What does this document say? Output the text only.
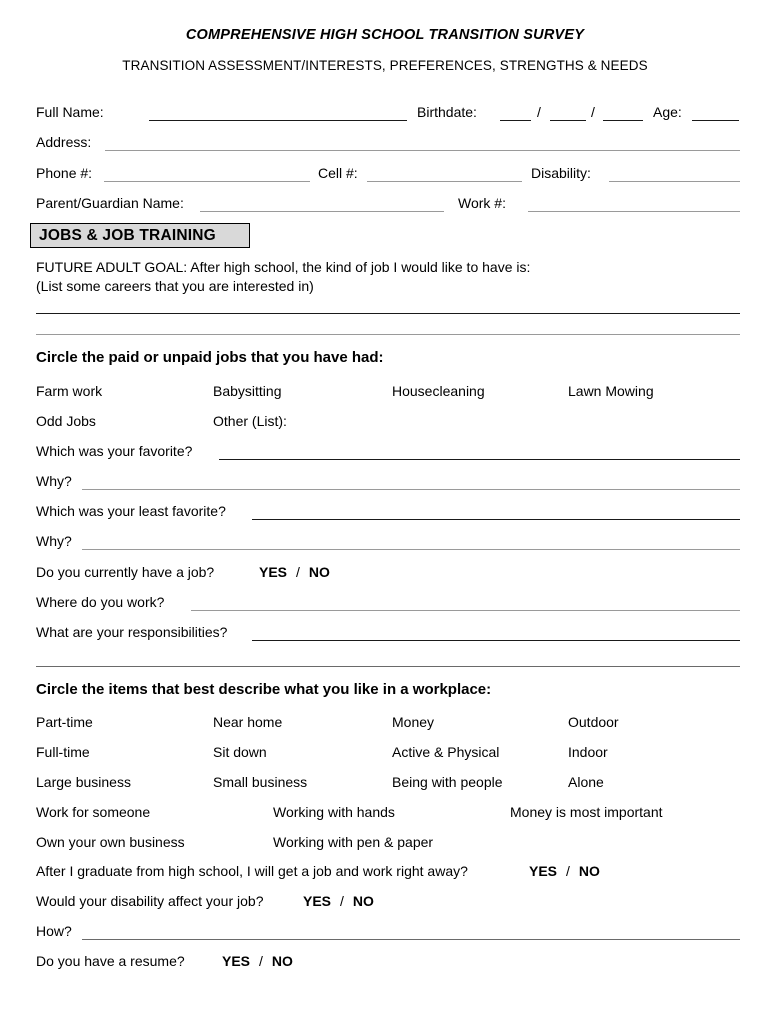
COMPREHENSIVE HIGH SCHOOL TRANSITION SURVEY
TRANSITION ASSESSMENT/INTERESTS, PREFERENCES, STRENGTHS & NEEDS
Full Name:	Birthdate:	/	/	Age:
Address:
Phone #:	Cell #:	Disability:
Parent/Guardian Name:	Work #:
JOBS & JOB TRAINING
FUTURE ADULT GOAL: After high school, the kind of job I would like to have is:
(List some careers that you are interested in)
Circle the paid or unpaid jobs that you have had:
Farm work	Babysitting	Housecleaning	Lawn Mowing
Odd Jobs	Other (List):
Which was your favorite?
Why?
Which was your least favorite?
Why?
Do you currently have a job?	YES / NO
Where do you work?
What are your responsibilities?
Circle the items that best describe what you like in a workplace:
Part-time	Near home	Money	Outdoor
Full-time	Sit down	Active & Physical	Indoor
Large business	Small business	Being with people	Alone
Work for someone	Working with hands	Money is most important
Own your own business	Working with pen & paper
After I graduate from high school, I will get a job and work right away?	YES / NO
Would your disability affect your job?	YES / NO
How?
Do you have a resume?	YES / NO
